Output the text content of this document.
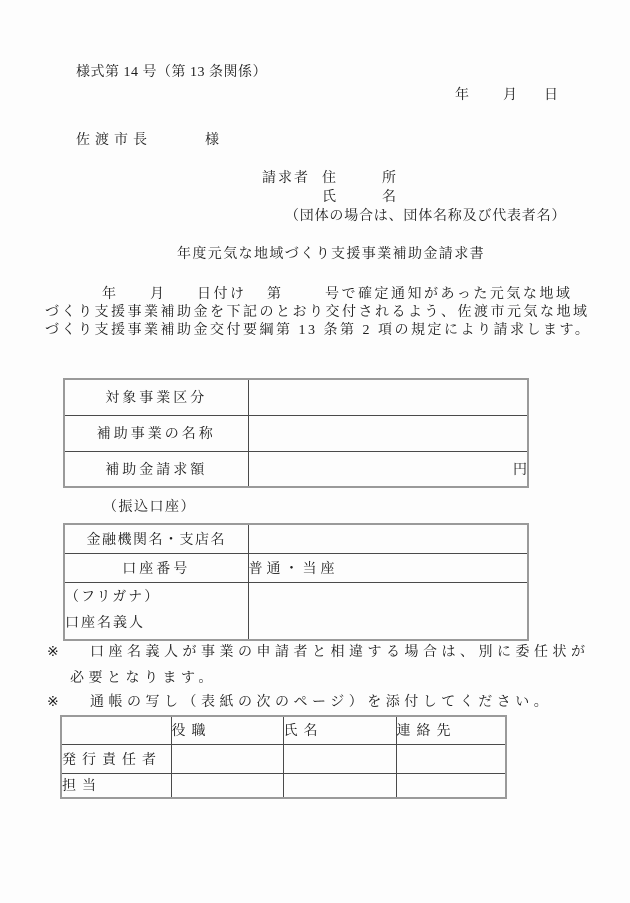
様式第 14 号（第 13 条関係）
年 月 日
佐渡市長	様
請求者 住	所
氏	名
（団体の場合は、団体名称及び代表者名）
年度元気な地域づくり支援事業補助金請求書
年 月 日付け 第	号で確定通知があった元気な地域
づくり支援事業補助金を下記のとおり交付されるよう、佐渡市元気な地域
づくり支援事業補助金交付要綱第 13 条第 2 項の規定により請求します。
対象事業区分	
補助事業の名称	
補助金請求額	円
（振込口座）
金融機関名・支店名	
口座番号	普通・当座
（フリガナ）
口座名義人	
※ 口座名義人が事業の申請者と相違する場合は、別に委任状が
必要となります。
※ 通帳の写し（表紙の次のページ）を添付してください。
	役職	氏名	連絡先
発行責任者			
担当			
